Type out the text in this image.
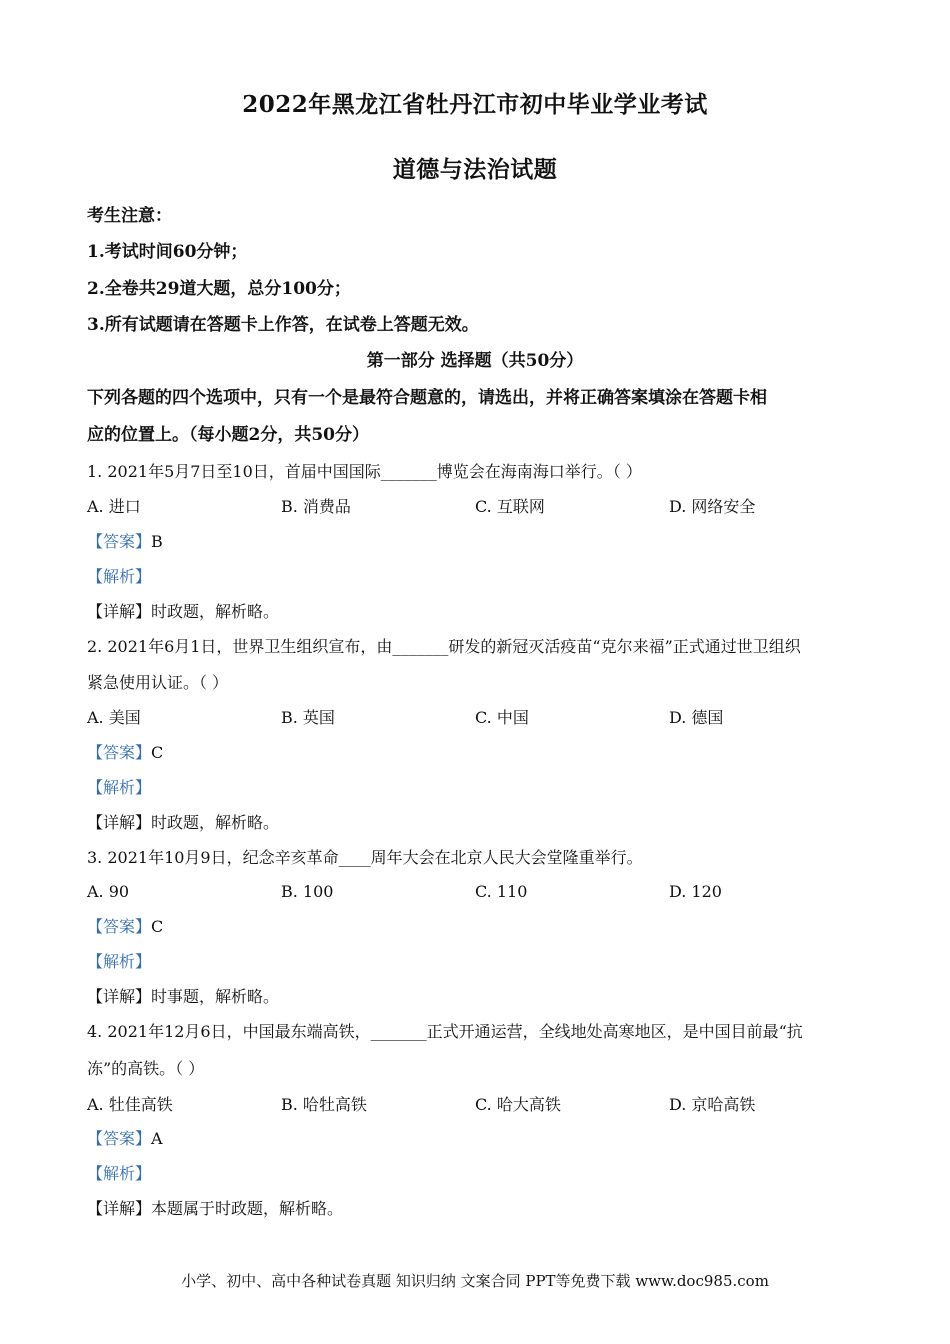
2022年黑龙江省牡丹江市初中毕业学业考试
道德与法治试题
考生注意：
1.考试时间60分钟；
2.全卷共29道大题，总分100分；
3.所有试题请在答题卡上作答，在试卷上答题无效。
第一部分 选择题（共50分）
下列各题的四个选项中，只有一个是最符合题意的，请选出，并将正确答案填涂在答题卡相
应的位置上。（每小题2分，共50分）
1. 2021年5月7日至10日，首届中国国际_______博览会在海南海口举行。（ ）
A. 进口	B. 消费品	C. 互联网	D. 网络安全
【答案】B
【解析】
【详解】时政题，解析略。
2. 2021年6月1日，世界卫生组织宣布，由_______研发的新冠灭活疫苗“克尔来福”正式通过世卫组织
紧急使用认证。（ ）
A. 美国	B. 英国	C. 中国	D. 德国
【答案】C
【解析】
【详解】时政题，解析略。
3. 2021年10月9日，纪念辛亥革命____周年大会在北京人民大会堂隆重举行。
A. 90	B. 100	C. 110	D. 120
【答案】C
【解析】
【详解】时事题，解析略。
4. 2021年12月6日，中国最东端高铁，_______正式开通运营，全线地处高寒地区，是中国目前最“抗
冻”的高铁。（ ）
A. 牡佳高铁	B. 哈牡高铁	C. 哈大高铁	D. 京哈高铁
【答案】A
【解析】
【详解】本题属于时政题，解析略。
小学、初中、高中各种试卷真题 知识归纳 文案合同 PPT等免费下载 www.doc985.com
